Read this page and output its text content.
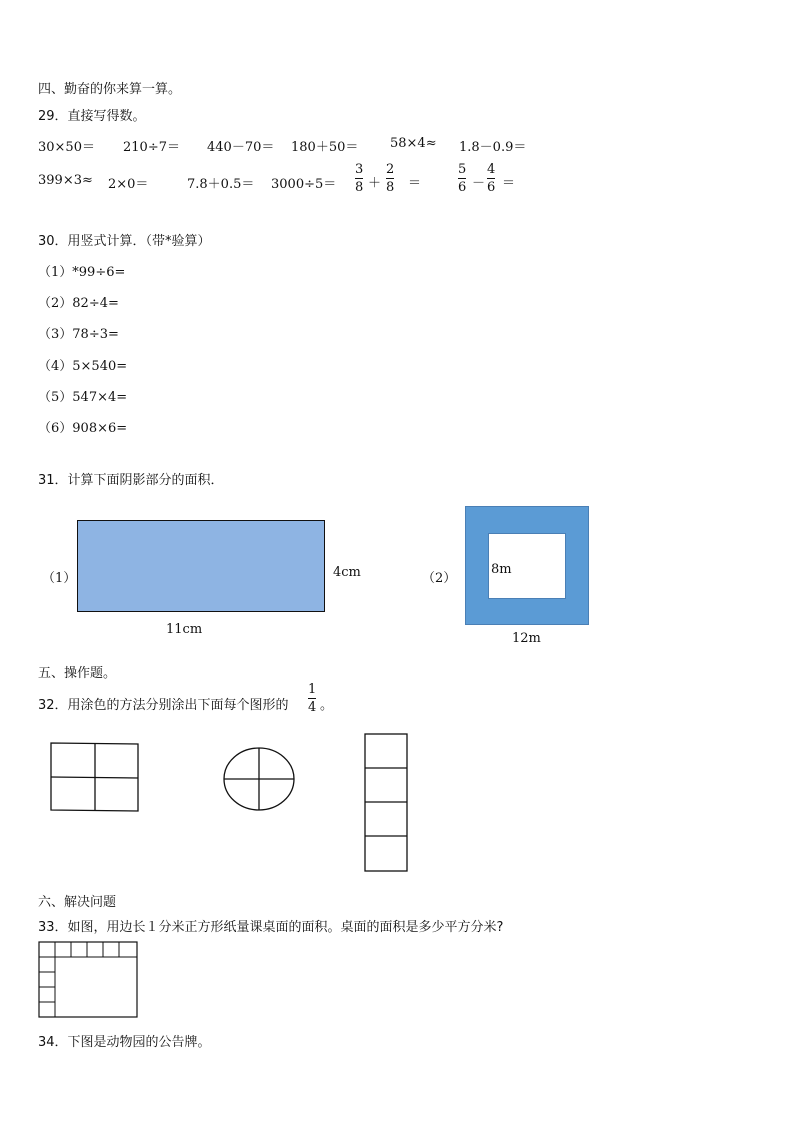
四、勤奋的你来算一算。
29．直接写得数。
30×50＝ 210÷7＝ 440－70＝ 180＋50＝ 58×4≈ 1.8－0.9＝
399×3≈ 2×0＝	7.8＋0.5＝ 3000÷5＝
3
8 ＋
2
8 ＝
5
6 －
4
6 ＝
30．用竖式计算．（带*验算）
（1）*99÷6=
（2）82÷4=
（3）78÷3=
（4）5×540=
（5）547×4=
（6）908×6=
31．计算下面阴影部分的面积．
（1）	4cm
11cm
（2）
8m
12m
五、操作题。
32．用涂色的方法分别涂出下面每个图形的
1
4 。
六、解决问题
33．如图，用边长１分米正方形纸量课桌面的面积。桌面的面积是多少平方分米?
34．下图是动物园的公告牌。
